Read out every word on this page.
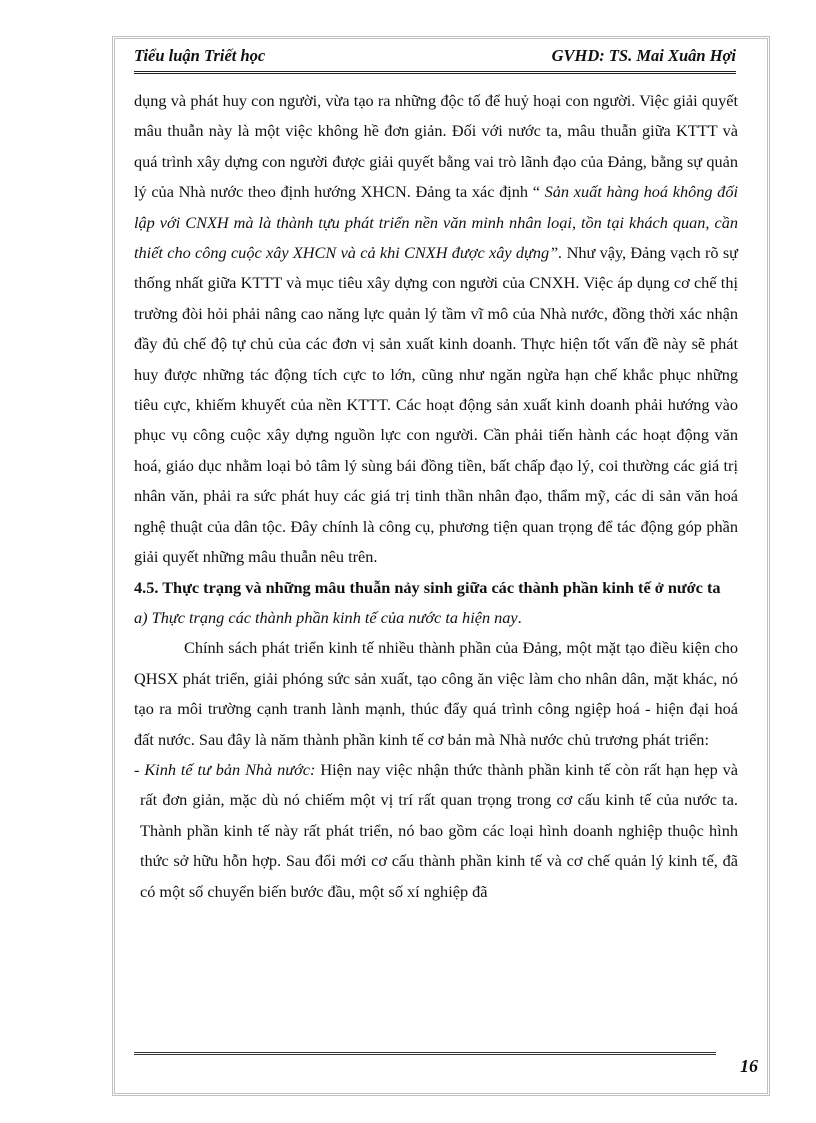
Tiểu luận Triết học	GVHD: TS. Mai Xuân Hợi

dụng và phát huy con người, vừa tạo ra những độc tố để huỷ hoại con người. Việc giải quyết mâu thuẫn này là một việc không hề đơn giản. Đối với nước ta, mâu thuẫn giữa KTTT và quá trình xây dựng con người được giải quyết bằng vai trò lãnh đạo của Đảng, bằng sự quản lý của Nhà nước theo định hướng XHCN. Đảng ta xác định “ Sản xuất hàng hoá không đối lập với CNXH mà là thành tựu phát triển nền văn minh nhân loại, tồn tại khách quan, cần thiết cho công cuộc xây XHCN và cả khi CNXH được xây dựng”. Như vậy, Đảng vạch rõ sự thống nhất giữa KTTT và mục tiêu xây dựng con người của CNXH. Việc áp dụng cơ chế thị trường đòi hỏi phải nâng cao năng lực quản lý tầm vĩ mô của Nhà nước, đồng thời xác nhận đầy đủ chế độ tự chủ của các đơn vị sản xuất kinh doanh. Thực hiện tốt vấn đề này sẽ phát huy được những tác động tích cực to lớn, cũng như ngăn ngừa hạn chế khắc phục những tiêu cực, khiếm khuyết của nền KTTT. Các hoạt động sản xuất kinh doanh phải hướng vào phục vụ công cuộc xây dựng nguồn lực con người. Cần phải tiến hành các hoạt động văn hoá, giáo dục nhằm loại bỏ tâm lý sùng bái đồng tiền, bất chấp đạo lý, coi thường các giá trị nhân văn, phải ra sức phát huy các giá trị tinh thần nhân đạo, thẩm mỹ, các di sản văn hoá nghệ thuật của dân tộc. Đây chính là công cụ, phương tiện quan trọng để tác động góp phần giải quyết những mâu thuẫn nêu trên.

4.5. Thực trạng và những mâu thuẫn nảy sinh giữa các thành phần kinh tế ở nước ta

a) Thực trạng các thành phần kinh tế của nước ta hiện nay.

Chính sách phát triển kinh tế nhiều thành phần của Đảng, một mặt tạo điều kiện cho QHSX phát triển, giải phóng sức sản xuất, tạo công ăn việc làm cho nhân dân, mặt khác, nó tạo ra môi trường cạnh tranh lành mạnh, thúc đẩy quá trình công ngiệp hoá - hiện đại hoá đất nước. Sau đây là năm thành phần kinh tế cơ bản mà Nhà nước chủ trương phát triển:

- Kinh tế tư bản Nhà nước: Hiện nay việc nhận thức thành phần kinh tế còn rất hạn hẹp và rất đơn giản, mặc dù nó chiếm một vị trí rất quan trọng trong cơ cấu kinh tế của nước ta. Thành phần kinh tế này rất phát triển, nó bao gồm các loại hình doanh nghiệp thuộc hình thức sở hữu hỗn hợp. Sau đổi mới cơ cấu thành phần kinh tế và cơ chế quản lý kinh tế, đã có một số chuyển biến bước đầu, một số xí nghiệp đã

16
